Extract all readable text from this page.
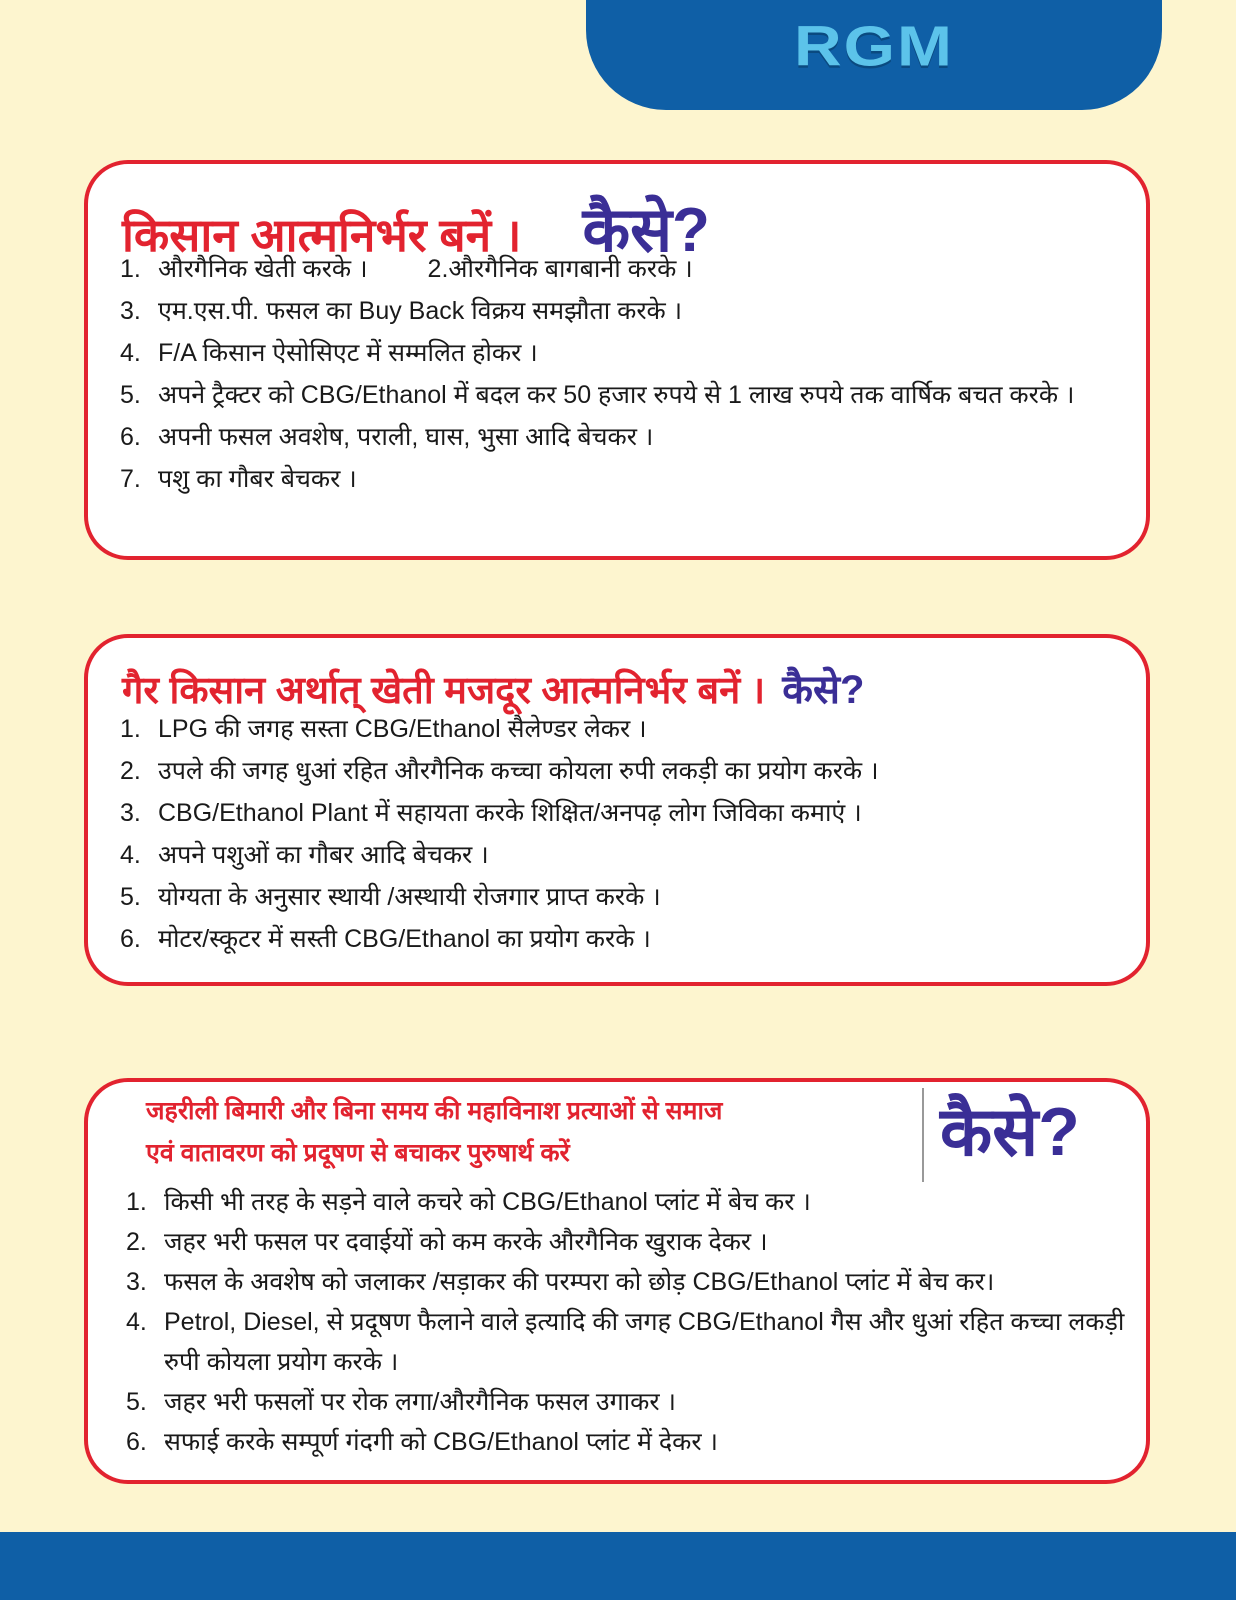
RGM
किसान आत्मनिर्भर बनें । कैसे?
1. औरगैनिक खेती करके । 2.औरगैनिक बागबानी करके ।
3. एम.एस.पी. फसल का Buy Back विक्रय समझौता करके ।
4. F/A किसान ऐसोसिएट में सम्मलित होकर ।
5. अपने ट्रैक्टर को CBG/Ethanol में बदल कर 50 हजार रुपये से 1 लाख रुपये तक वार्षिक बचत करके ।
6. अपनी फसल अवशेष, पराली, घास, भुसा आदि बेचकर ।
7. पशु का गौबर बेचकर ।
गैर किसान अर्थात् खेती मजदूर आत्मनिर्भर बनें । कैसे?
1. LPG की जगह सस्ता CBG/Ethanol सैलेण्डर लेकर ।
2. उपले की जगह धुआं रहित औरगैनिक कच्चा कोयला रुपी लकड़ी का प्रयोग करके ।
3. CBG/Ethanol Plant में सहायता करके शिक्षित/अनपढ़ लोग जिविका कमाएं ।
4. अपने पशुओं का गौबर आदि बेचकर ।
5. योग्यता के अनुसार स्थायी /अस्थायी रोजगार प्राप्त करके ।
6. मोटर/स्कूटर में सस्ती CBG/Ethanol का प्रयोग करके ।
जहरीली बिमारी और बिना समय की महाविनाश प्रत्याओं से समाज
एवं वातावरण को प्रदूषण से बचाकर पुरुषार्थ करें	कैसे?
1. किसी भी तरह के सड़ने वाले कचरे को CBG/Ethanol प्लांट में बेच कर ।
2. जहर भरी फसल पर दवाईयों को कम करके औरगैनिक खुराक देकर ।
3. फसल के अवशेष को जलाकर /सड़ाकर की परम्परा को छोड़ CBG/Ethanol प्लांट में बेच कर।
4. Petrol, Diesel, से प्रदूषण फैलाने वाले इत्यादि की जगह CBG/Ethanol गैस और धुआं रहित कच्चा लकड़ी रुपी कोयला प्रयोग करके ।
5. जहर भरी फसलों पर रोक लगा/औरगैनिक फसल उगाकर ।
6. सफाई करके सम्पूर्ण गंदगी को CBG/Ethanol प्लांट में देकर ।
